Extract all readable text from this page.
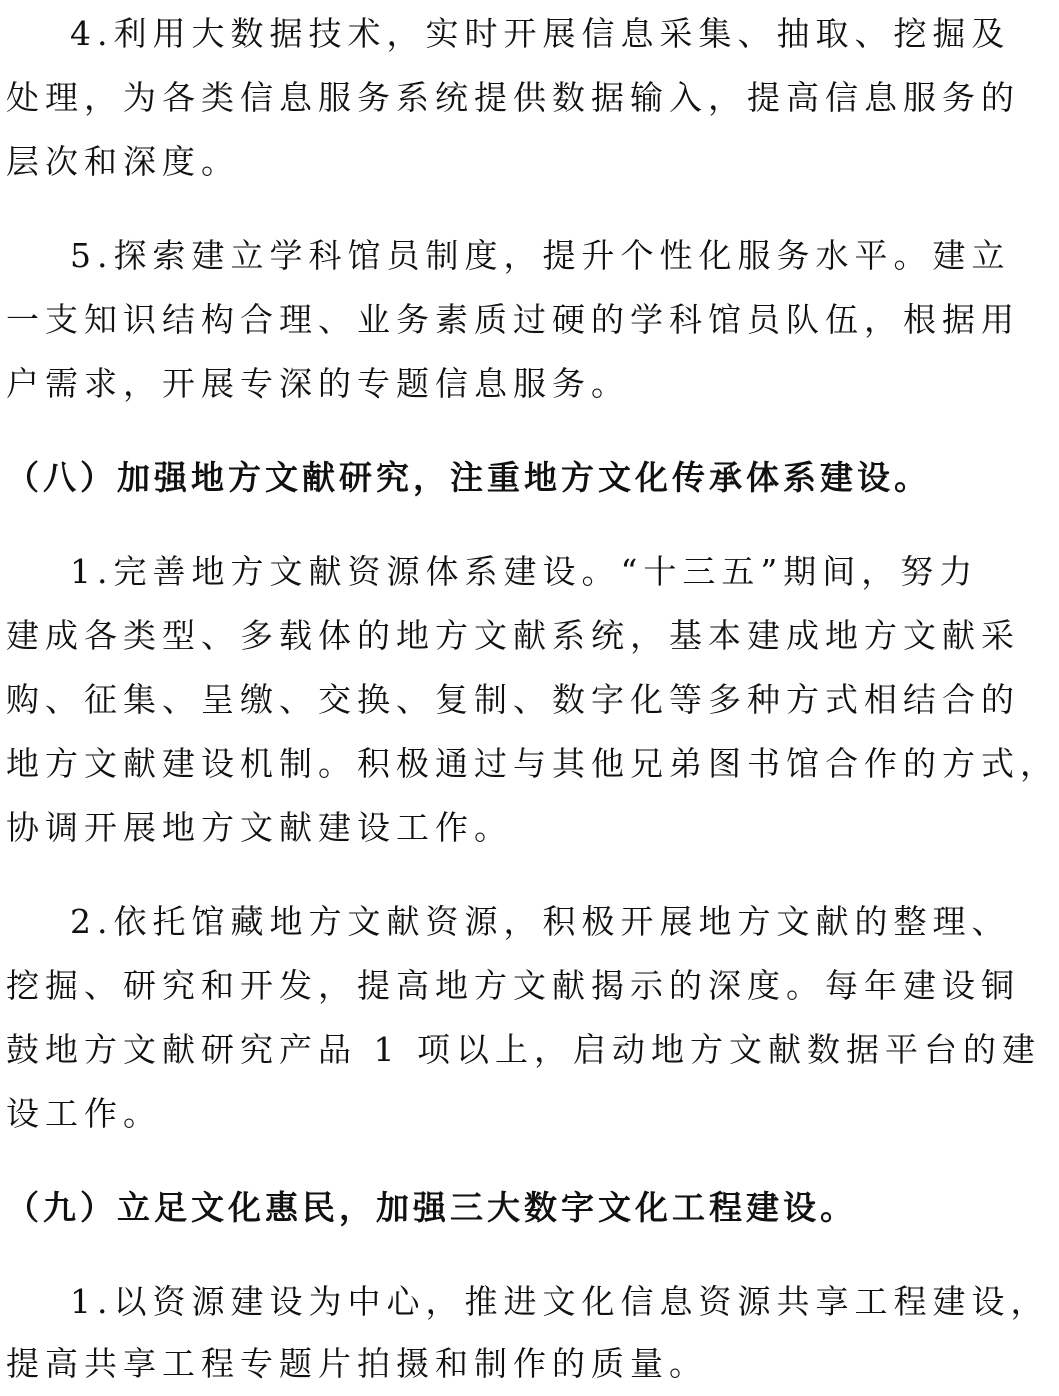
4.利用大数据技术，实时开展信息采集、抽取、挖掘及
处理，为各类信息服务系统提供数据输入，提高信息服务的
层次和深度。
5.探索建立学科馆员制度，提升个性化服务水平。建立
一支知识结构合理、业务素质过硬的学科馆员队伍，根据用
户需求，开展专深的专题信息服务。
（八）加强地方文献研究，注重地方文化传承体系建设。
1.完善地方文献资源体系建设。“十三五”期间，努力
建成各类型、多载体的地方文献系统，基本建成地方文献采
购、征集、呈缴、交换、复制、数字化等多种方式相结合的
地方文献建设机制。积极通过与其他兄弟图书馆合作的方式，
协调开展地方文献建设工作。
2.依托馆藏地方文献资源，积极开展地方文献的整理、
挖掘、研究和开发，提高地方文献揭示的深度。每年建设铜
鼓地方文献研究产品 1 项以上，启动地方文献数据平台的建
设工作。
（九）立足文化惠民，加强三大数字文化工程建设。
1.以资源建设为中心，推进文化信息资源共享工程建设，
提高共享工程专题片拍摄和制作的质量。
